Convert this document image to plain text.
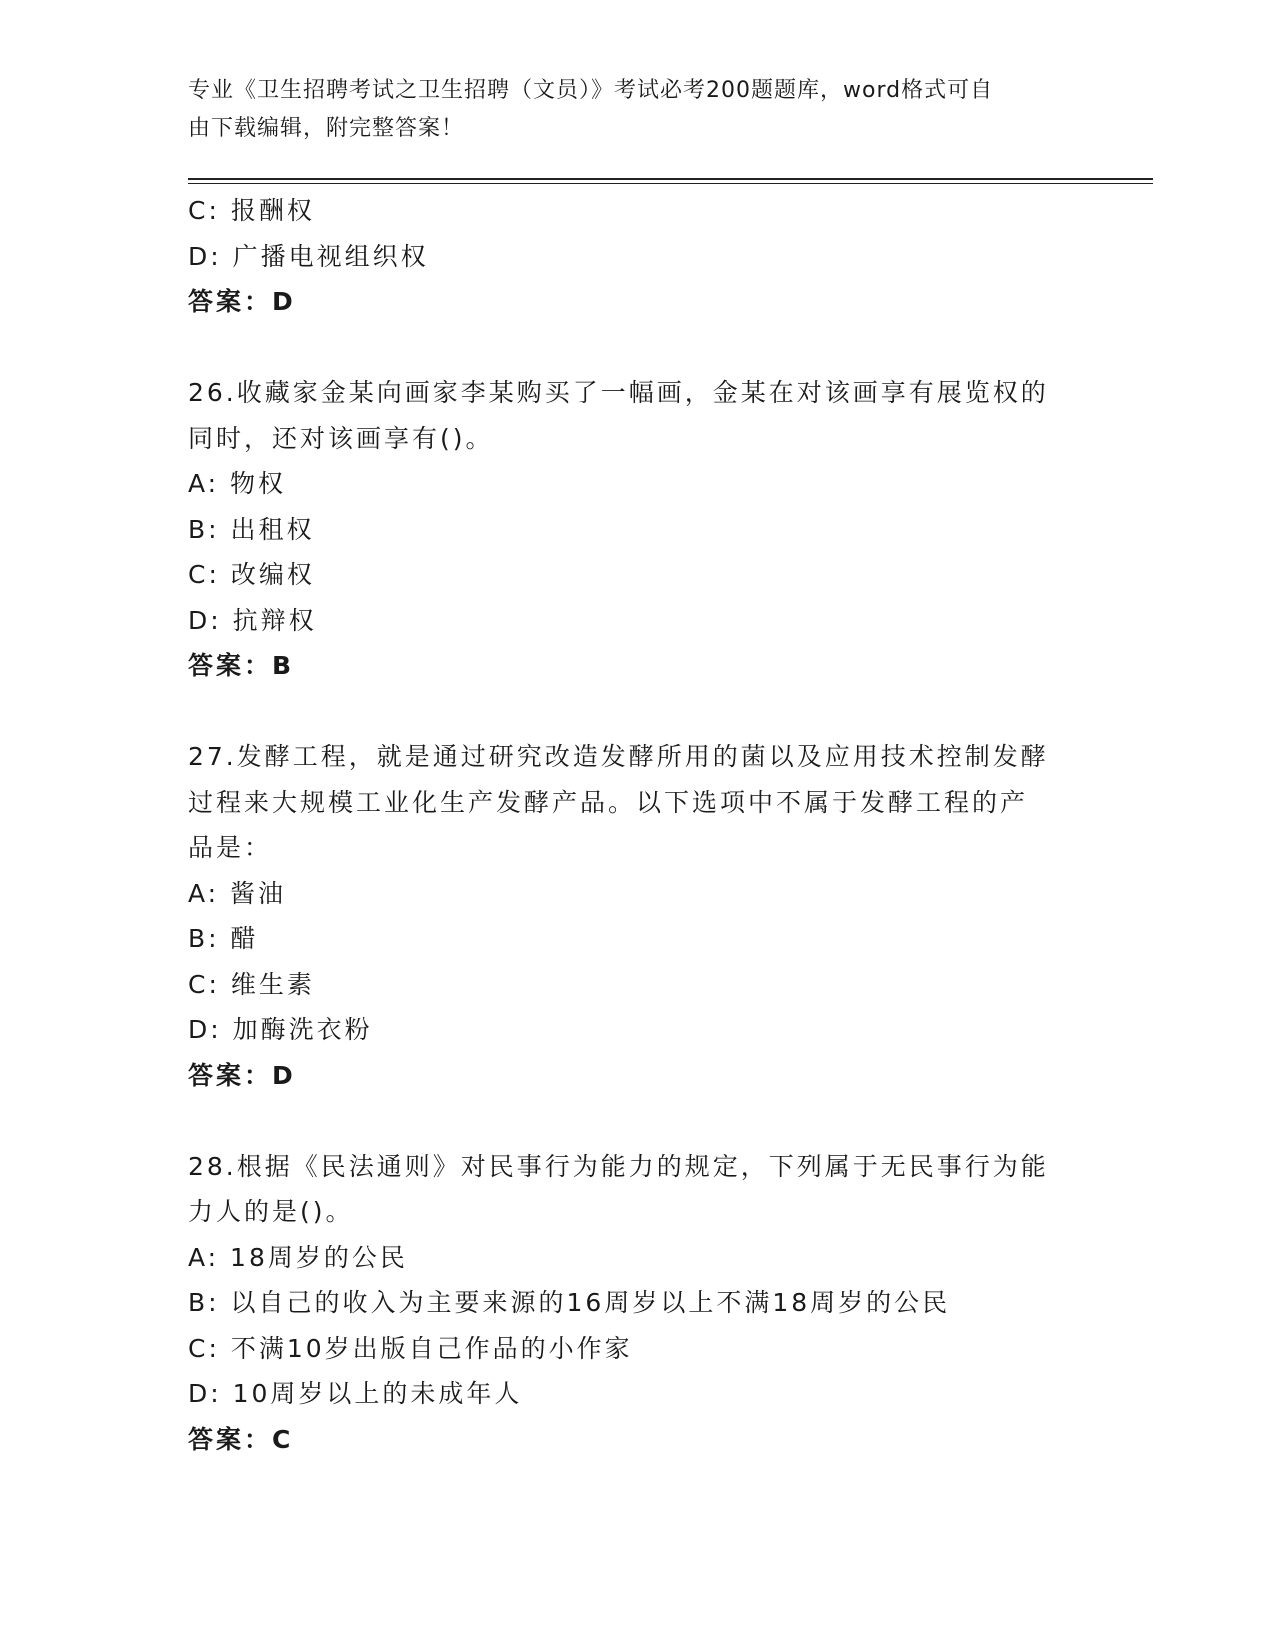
专业《卫生招聘考试之卫生招聘（文员）》考试必考200题题库，word格式可自
由下载编辑，附完整答案！
C: 报酬权
D: 广播电视组织权
答案：D
26.收藏家金某向画家李某购买了一幅画，金某在对该画享有展览权的
同时，还对该画享有()。
A: 物权
B: 出租权
C: 改编权
D: 抗辩权
答案：B
27.发酵工程，就是通过研究改造发酵所用的菌以及应用技术控制发酵
过程来大规模工业化生产发酵产品。以下选项中不属于发酵工程的产
品是：
A: 酱油
B: 醋
C: 维生素
D: 加酶洗衣粉
答案：D
28.根据《民法通则》对民事行为能力的规定，下列属于无民事行为能
力人的是()。
A: 18周岁的公民
B: 以自己的收入为主要来源的16周岁以上不满18周岁的公民
C: 不满10岁出版自己作品的小作家
D: 10周岁以上的未成年人
答案：C
